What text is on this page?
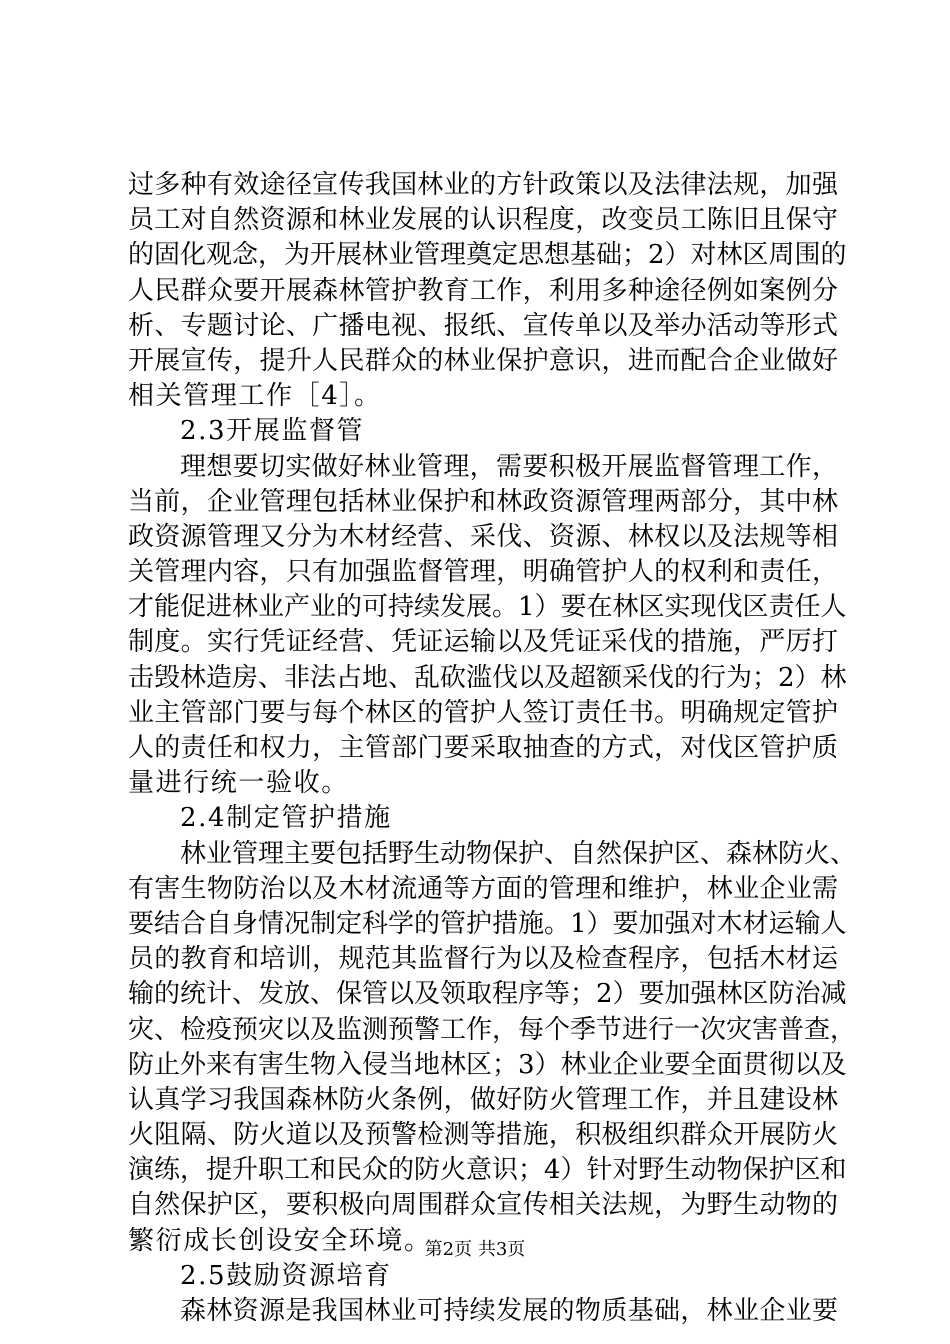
过多种有效途径宣传我国林业的方针政策以及法律法规，加强
员工对自然资源和林业发展的认识程度，改变员工陈旧且保守
的固化观念，为开展林业管理奠定思想基础；2）对林区周围的
人民群众要开展森林管护教育工作，利用多种途径例如案例分
析、专题讨论、广播电视、报纸、宣传单以及举办活动等形式
开展宣传，提升人民群众的林业保护意识，进而配合企业做好
相关管理工作［4］。
2.3开展监督管
理想要切实做好林业管理，需要积极开展监督管理工作，
当前，企业管理包括林业保护和林政资源管理两部分，其中林
政资源管理又分为木材经营、采伐、资源、林权以及法规等相
关管理内容，只有加强监督管理，明确管护人的权利和责任，
才能促进林业产业的可持续发展。1）要在林区实现伐区责任人
制度。实行凭证经营、凭证运输以及凭证采伐的措施，严厉打
击毁林造房、非法占地、乱砍滥伐以及超额采伐的行为；2）林
业主管部门要与每个林区的管护人签订责任书。明确规定管护
人的责任和权力，主管部门要采取抽查的方式，对伐区管护质
量进行统一验收。
2.4制定管护措施
林业管理主要包括野生动物保护、自然保护区、森林防火、
有害生物防治以及木材流通等方面的管理和维护，林业企业需
要结合自身情况制定科学的管护措施。1）要加强对木材运输人
员的教育和培训，规范其监督行为以及检查程序，包括木材运
输的统计、发放、保管以及领取程序等；2）要加强林区防治减
灾、检疫预灾以及监测预警工作，每个季节进行一次灾害普查，
防止外来有害生物入侵当地林区；3）林业企业要全面贯彻以及
认真学习我国森林防火条例，做好防火管理工作，并且建设林
火阻隔、防火道以及预警检测等措施，积极组织群众开展防火
演练，提升职工和民众的防火意识；4）针对野生动物保护区和
自然保护区，要积极向周围群众宣传相关法规，为野生动物的
繁衍成长创设安全环境。
2.5鼓励资源培育
森林资源是我国林业可持续发展的物质基础，林业企业要
第2页 共3页
